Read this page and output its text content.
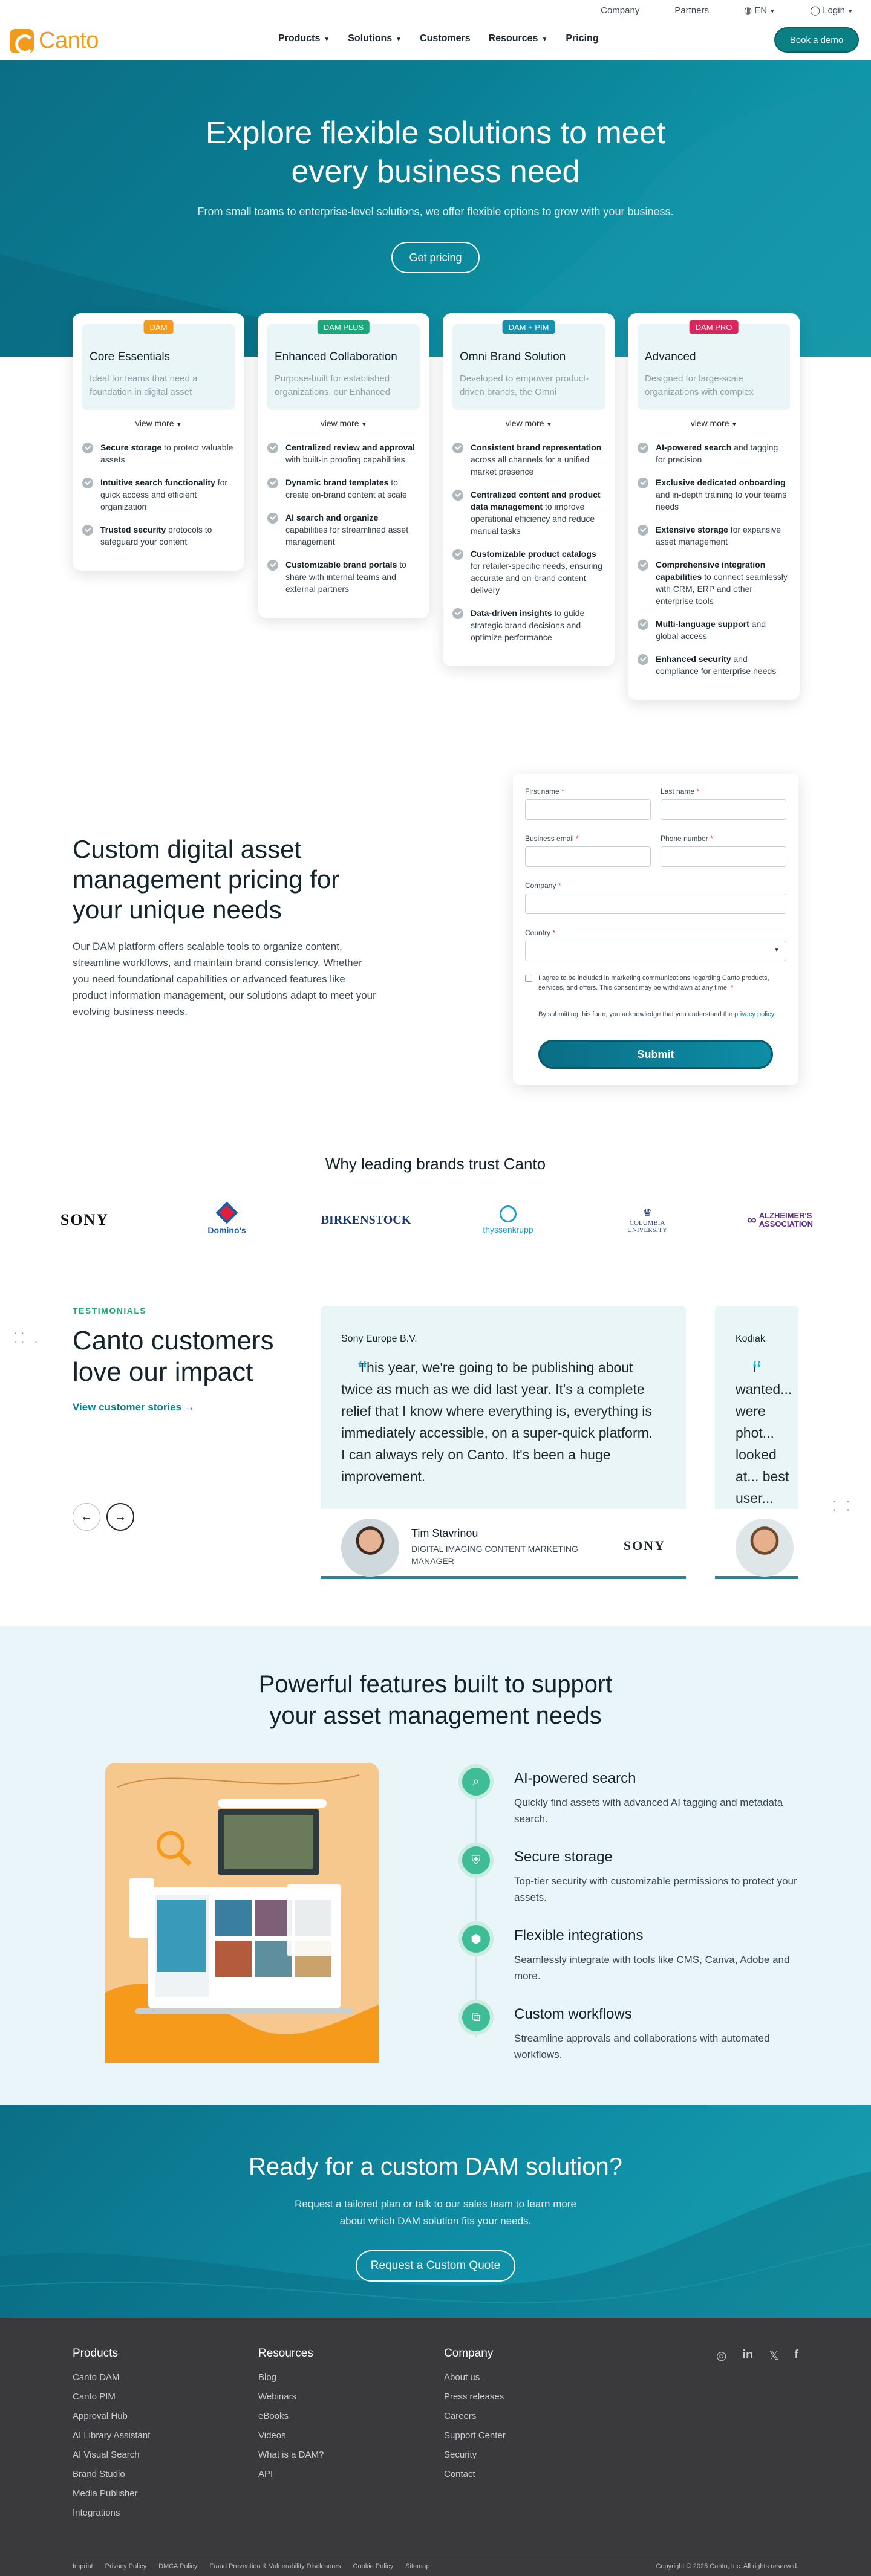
Company	Partners	◍ EN ▼	◯ Login ▼
Canto	Products ▼ Solutions ▼ Customers Resources ▼ Pricing	Book a demo
Explore flexible solutions to meet
every business need

From small teams to enterprise-level solutions, we offer flexible options to grow with your business.

Get pricing
DAM
Core Essentials

Ideal for teams that need a foundation in digital asset

view more ▼
Secure storage to protect valuable assets
Intuitive search functionality for quick access and efficient organization
Trusted security protocols to safeguard your content
DAM PLUS
Enhanced Collaboration

Purpose-built for established organizations, our Enhanced

view more ▼
Centralized review and approval with built-in proofing capabilities
Dynamic brand templates to create on-brand content at scale
AI search and organize capabilities for streamlined asset management
Customizable brand portals to share with internal teams and external partners
DAM + PIM
Omni Brand Solution

Developed to empower product-driven brands, the Omni

view more ▼
Consistent brand representation across all channels for a unified market presence
Centralized content and product data management to improve operational efficiency and reduce manual tasks
Customizable product catalogs for retailer-specific needs, ensuring accurate and on-brand content delivery
Data-driven insights to guide strategic brand decisions and optimize performance
DAM PRO
Advanced

Designed for large-scale organizations with complex

view more ▼
AI-powered search and tagging for precision
Exclusive dedicated onboarding and in-depth training to your teams needs
Extensive storage for expansive asset management
Comprehensive integration capabilities to connect seamlessly with CRM, ERP and other enterprise tools
Multi-language support and global access
Enhanced security and compliance for enterprise needs
Custom digital asset management pricing for your unique needs

Our DAM platform offers scalable tools to organize content, streamline workflows, and maintain brand consistency. Whether you need foundational capabilities or advanced features like product information management, our solutions adapt to meet your evolving business needs.

First name *	Last name *
Business email *	Phone number *
Company *
Country *
▼
I agree to be included in marketing communications regarding Canto products, services, and offers. This consent may be withdrawn at any time. *
By submitting this form, you acknowledge that you understand the privacy policy.
Submit
Why leading brands trust Canto
SONY
Domino's
BIRKENSTOCK
thyssenkrupp
♛
COLUMBIA UNIVERSITY
∞ ALZHEIMER'S ASSOCIATION
••
•• •
TESTIMONIALS
Canto customers love our impact
View customer stories →
←	→
Sony Europe B.V.
“ This year, we're going to be publishing about twice as much as we did last year. It's a complete relief that I know where everything is, everything is immediately accessible, on a super-quick platform. I can always rely on Canto. It's been a huge improvement.
Tim Stavrinou
DIGITAL IMAGING CONTENT MARKETING MANAGER
SONY
Kodiak
“ I wanted... were phot... looked at... best user...	• •
• •
Powerful features built to support
your asset management needs
⌕	AI-powered search
Quickly find assets with advanced AI tagging and metadata search.
⛨	Secure storage
Top-tier security with customizable permissions to protect your assets.
⬢	Flexible integrations
Seamlessly integrate with tools like CMS, Canva, Adobe and more.
⧉	Custom workflows
Streamline approvals and collaborations with automated workflows.
Ready for a custom DAM solution?

Request a tailored plan or talk to our sales team to learn more about which DAM solution fits your needs.

Request a Custom Quote
Products
Canto DAM
Canto PIM
Approval Hub
AI Library Assistant
AI Visual Search
Brand Studio
Media Publisher
Integrations
Resources
Blog
Webinars
eBooks
Videos
What is a DAM?
API
Company
About us
Press releases
Careers
Support Center
Security
Contact
◎ in 𝕏 f
Imprint Privacy Policy DMCA Policy Fraud Prevention & Vulnerability Disclosures Cookie Policy Sitemap	Copyright © 2025 Canto, Inc. All rights reserved.
